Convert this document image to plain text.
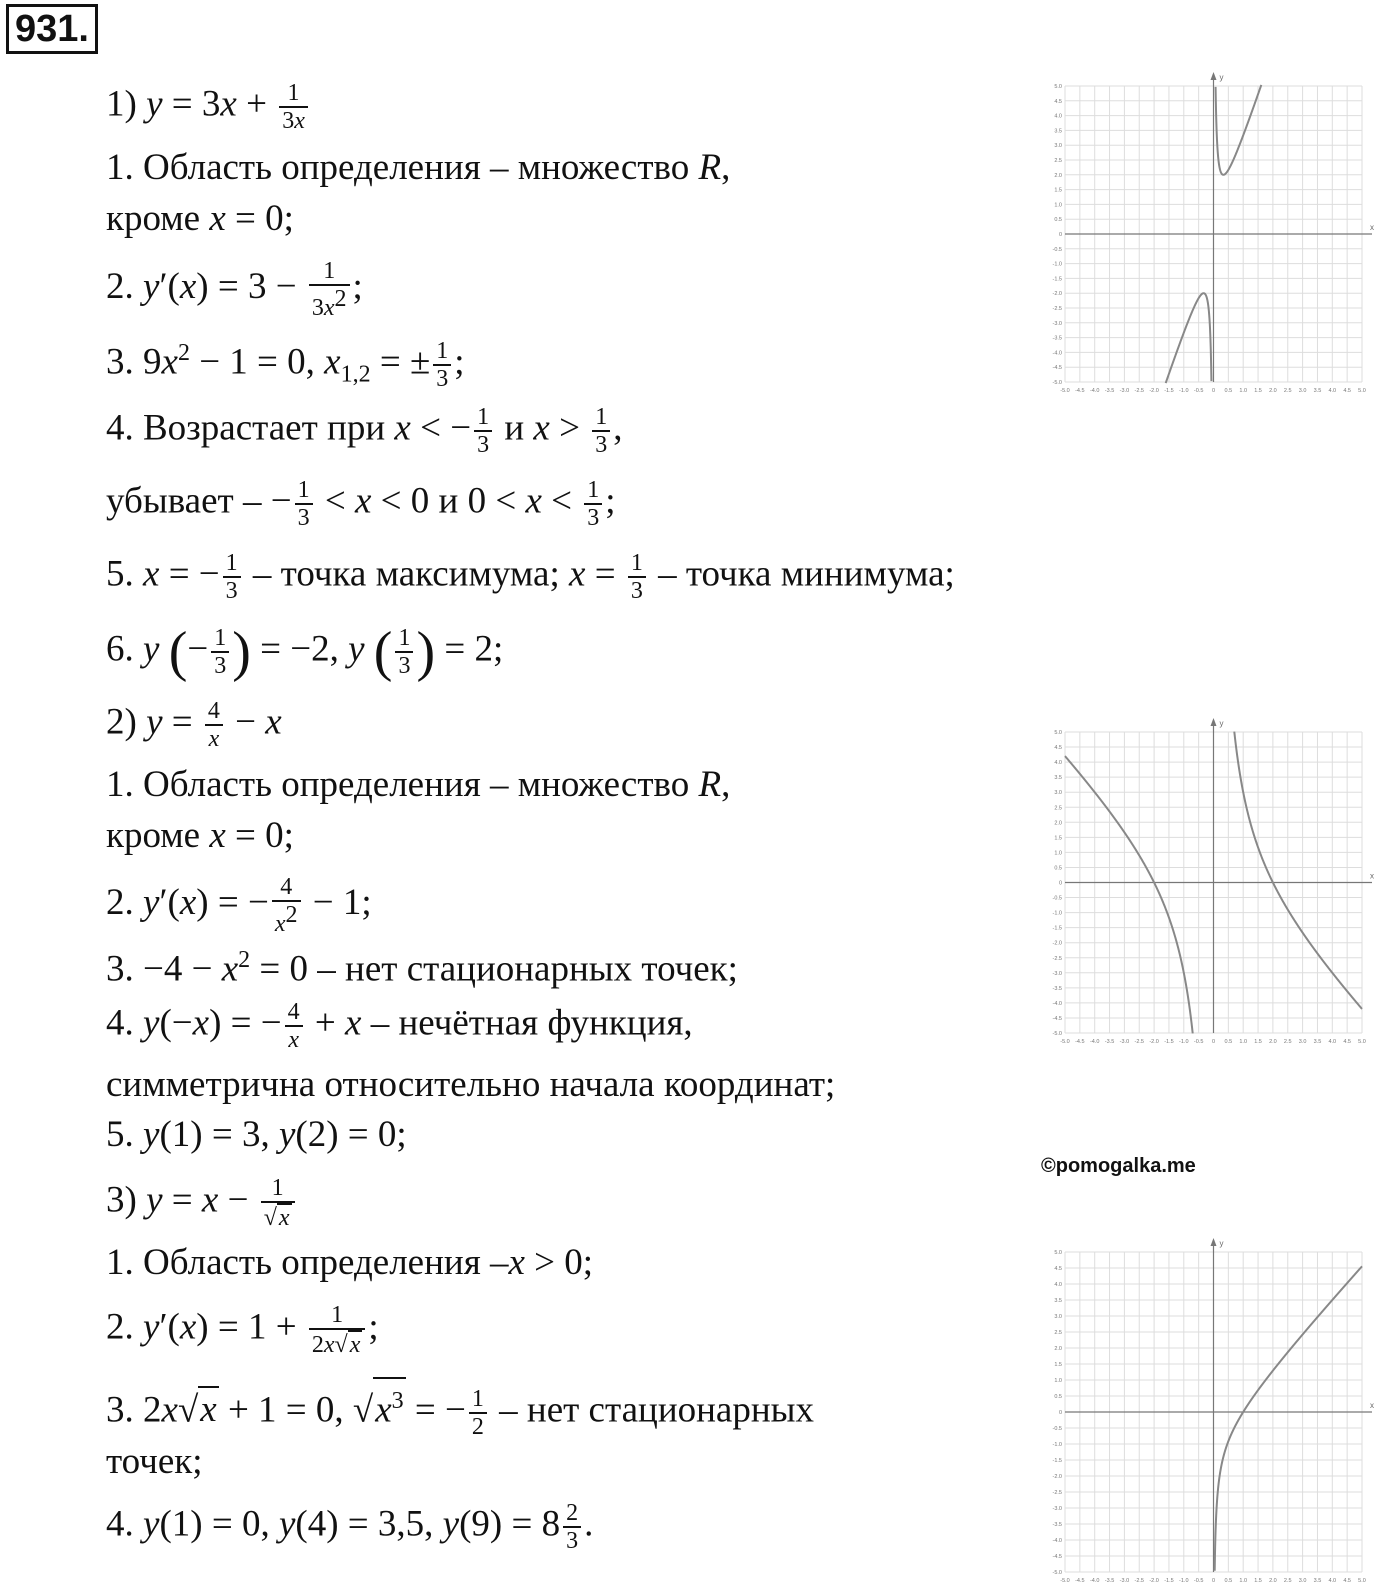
931.
1) $y = 3x + \frac{1}{3x}$
1. Область определения – множество R,
кроме x = 0;
2. $y'(x) = 3 - \frac{1}{3x^2}$ ;
3. $9x^2 - 1 = 0$, $x_{1,2}$ = ± $\frac{1}{3}$ ;
4. Возрастает при x < − $\frac{1}{3}$ и $x > \frac{1}{3}$ ,
убывает – − $\frac{1}{3} < x < 0$ и $0 < x < \frac{1}{3}$ ;
5. x = − $\frac{1}{3}$ – точка максимума; $x = \frac{1}{3}$ – точка минимума;
6. y (− $\frac{1}{3}$ ) = −2, y ( $\frac{1}{3}$ ) = 2;
2) $y = \frac{4}{x} - x$
1. Область определения – множество R,
кроме x = 0;
2. y′(x) = − $\frac{4}{x^2} - 1$;
3. $-4 - x^2 = 0$ – нет стационарных точек;
4. y(−x) = − $\frac{4}{x} + x$ – нечётная функция,
симметрична относительно начала координат;
5. y(1) = 3, y(2) = 0;
3) $y = x - \frac{1}{√x}$
1. Область определения –x > 0;
2. $y'(x) = 1 + \frac{1}{2x√x}$ ;
3. 2x√x + 1 = 0, $√x^3$ = − $\frac{1}{2}$ – нет стационарных
точек;
4. y(1) = 0, y(4) = 3,5, $y(9) = 8 \frac{2}{3}$ .
©pomogalka.me
x
y
-5.0
-5.0
-4.5
-4.5
-4.0
-4.0
-3.5
-3.5
-3.0
-3.0
-2.5
-2.5
-2.0
-2.0
-1.5
-1.5
-1.0
-1.0
-0.5
-0.5
0
0
0.5
0.5
1.0
1.0
1.5
1.5
2.0
2.0
2.5
2.5
3.0
3.0
3.5
3.5
4.0
4.0
4.5
4.5
5.0
5.0
x
y
-5.0
-5.0
-4.5
-4.5
-4.0
-4.0
-3.5
-3.5
-3.0
-3.0
-2.5
-2.5
-2.0
-2.0
-1.5
-1.5
-1.0
-1.0
-0.5
-0.5
0
0
0.5
0.5
1.0
1.0
1.5
1.5
2.0
2.0
2.5
2.5
3.0
3.0
3.5
3.5
4.0
4.0
4.5
4.5
5.0
5.0
x
y
-5.0
-5.0
-4.5
-4.5
-4.0
-4.0
-3.5
-3.5
-3.0
-3.0
-2.5
-2.5
-2.0
-2.0
-1.5
-1.5
-1.0
-1.0
-0.5
-0.5
0
0
0.5
0.5
1.0
1.0
1.5
1.5
2.0
2.0
2.5
2.5
3.0
3.0
3.5
3.5
4.0
4.0
4.5
4.5
5.0
5.0
